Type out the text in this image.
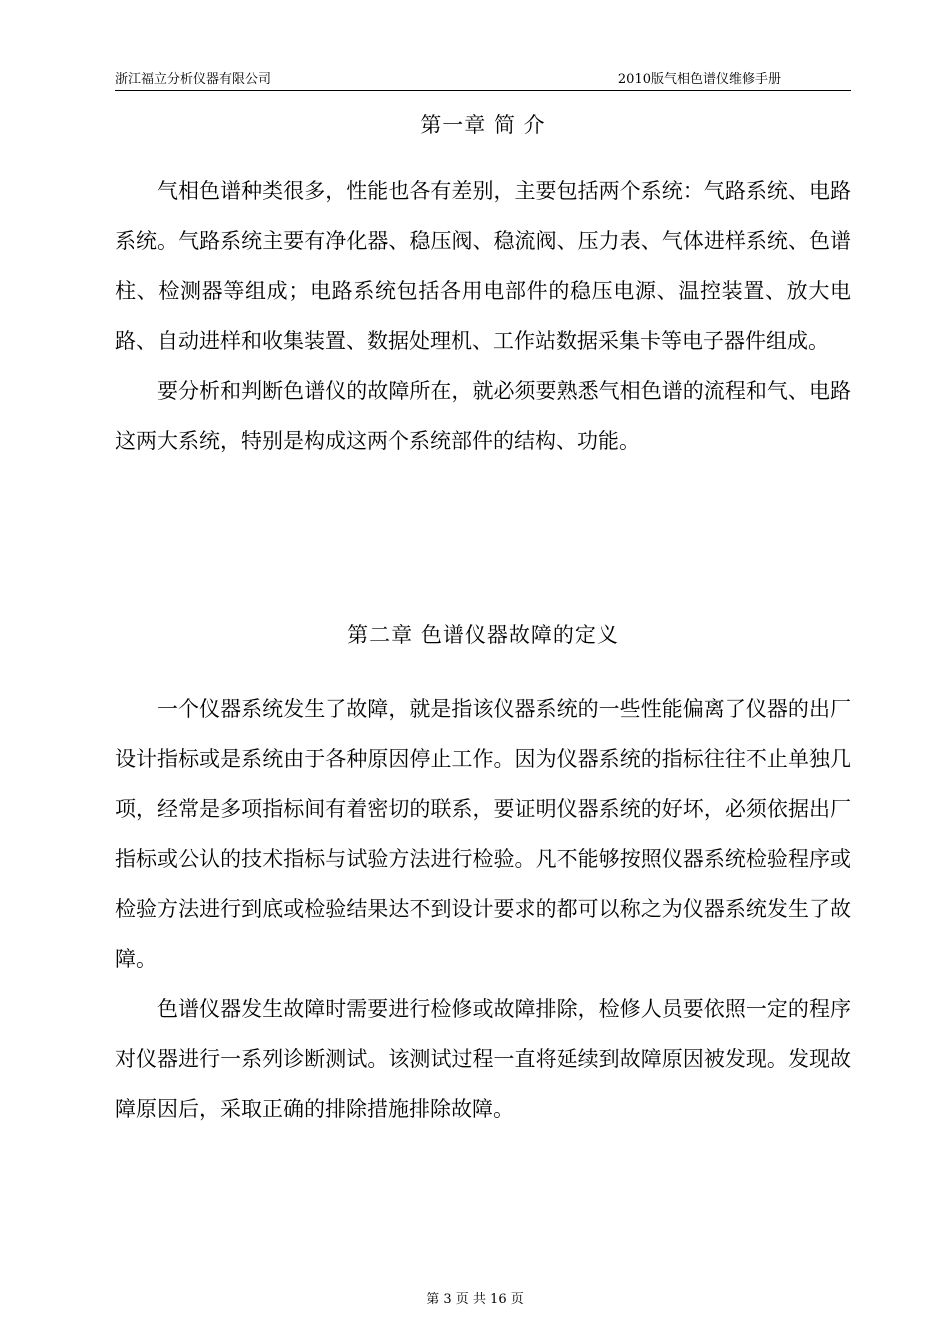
浙江福立分析仪器有限公司	2010版气相色谱仪维修手册
第一章 简 介

气相色谱种类很多，性能也各有差别，主要包括两个系统：气路系统、电路系统。气路系统主要有净化器、稳压阀、稳流阀、压力表、气体进样系统、色谱柱、检测器等组成；电路系统包括各用电部件的稳压电源、温控装置、放大电路、自动进样和收集装置、数据处理机、工作站数据采集卡等电子器件组成。

要分析和判断色谱仪的故障所在，就必须要熟悉气相色谱的流程和气、电路这两大系统，特别是构成这两个系统部件的结构、功能。

第二章 色谱仪器故障的定义

一个仪器系统发生了故障，就是指该仪器系统的一些性能偏离了仪器的出厂设计指标或是系统由于各种原因停止工作。因为仪器系统的指标往往不止单独几项，经常是多项指标间有着密切的联系，要证明仪器系统的好坏，必须依据出厂指标或公认的技术指标与试验方法进行检验。凡不能够按照仪器系统检验程序或检验方法进行到底或检验结果达不到设计要求的都可以称之为仪器系统发生了故障。

色谱仪器发生故障时需要进行检修或故障排除，检修人员要依照一定的程序对仪器进行一系列诊断测试。该测试过程一直将延续到故障原因被发现。发现故障原因后，采取正确的排除措施排除故障。

第 3 页 共 16 页
